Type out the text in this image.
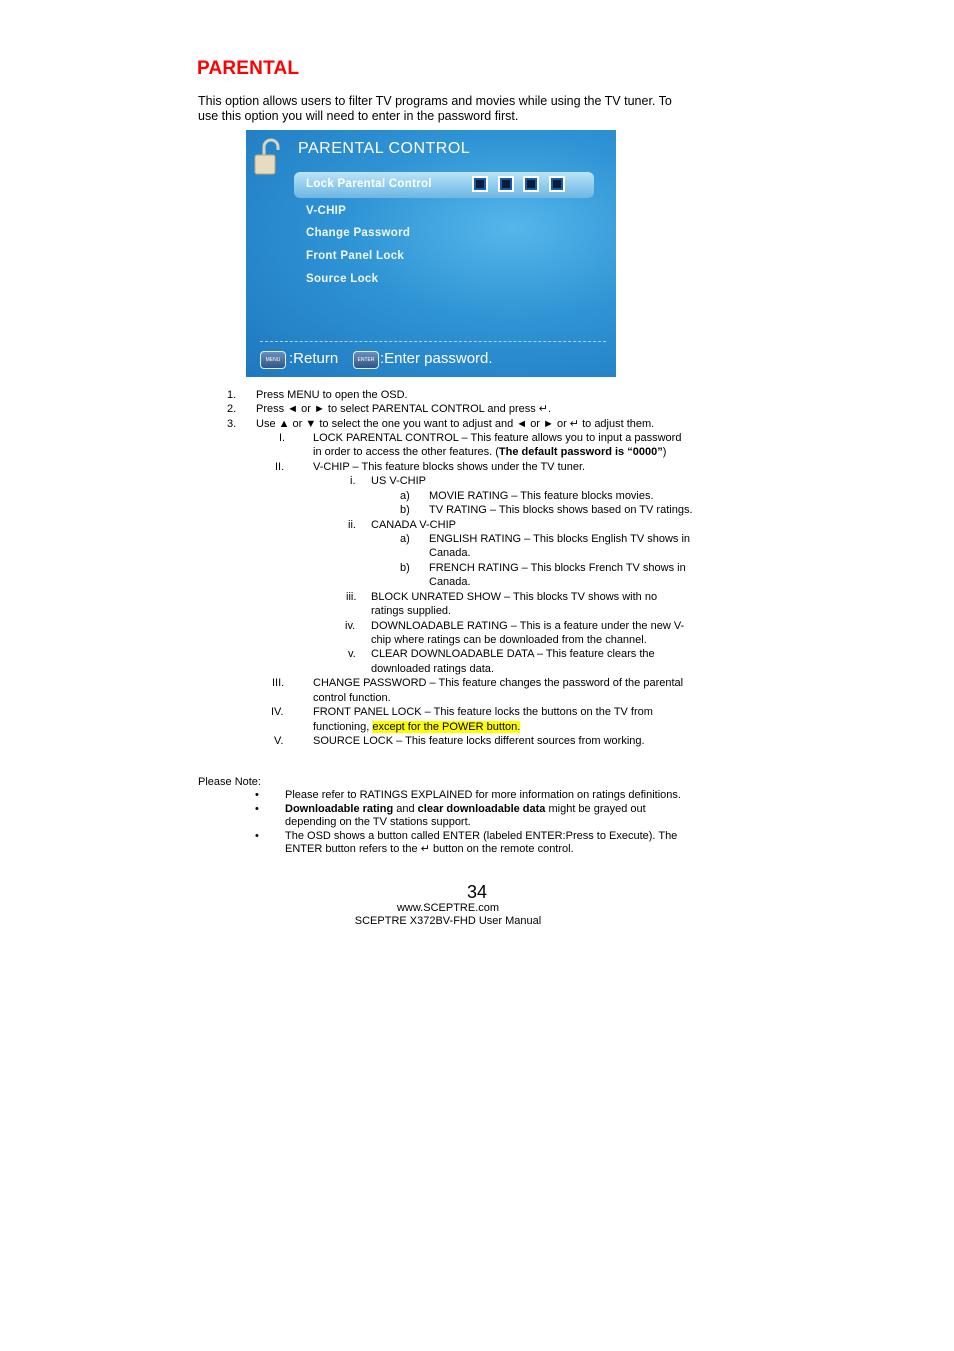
PARENTAL
This option allows users to filter TV programs and movies while using the TV tuner. To
use this option you will need to enter in the password first.
PARENTAL CONTROL
Lock Parental Control
V-CHIP
Change Password
Front Panel Lock
Source Lock
MENU :Return	ENTER :Enter password.
1. Press MENU to open the OSD.
2. Press ◄ or ► to select PARENTAL CONTROL and press ↵.
3. Use ▲ or ▼ to select the one you want to adjust and ◄ or ► or ↵ to adjust them.
I.	LOCK PARENTAL CONTROL – This feature allows you to input a password
in order to access the other features. (The default password is “0000”)
II.	V-CHIP – This feature blocks shows under the TV tuner.
i. US V-CHIP
a) MOVIE RATING – This feature blocks movies.
b) TV RATING – This blocks shows based on TV ratings.
ii. CANADA V-CHIP
a) ENGLISH RATING – This blocks English TV shows in
Canada.
b) FRENCH RATING – This blocks French TV shows in
Canada.
iii. BLOCK UNRATED SHOW – This blocks TV shows with no
ratings supplied.
iv. DOWNLOADABLE RATING – This is a feature under the new V-
chip where ratings can be downloaded from the channel.
v. CLEAR DOWNLOADABLE DATA – This feature clears the
downloaded ratings data.
III.	CHANGE PASSWORD – This feature changes the password of the parental
control function.
IV.	FRONT PANEL LOCK – This feature locks the buttons on the TV from
functioning, except for the POWER button.
V.	SOURCE LOCK – This feature locks different sources from working.
Please Note:
• Please refer to RATINGS EXPLAINED for more information on ratings definitions.
• Downloadable rating and clear downloadable data might be grayed out
depending on the TV stations support.
• The OSD shows a button called ENTER (labeled ENTER:Press to Execute). The
ENTER button refers to the ↵ button on the remote control.
34
www.SCEPTRE.com
SCEPTRE X372BV-FHD User Manual
